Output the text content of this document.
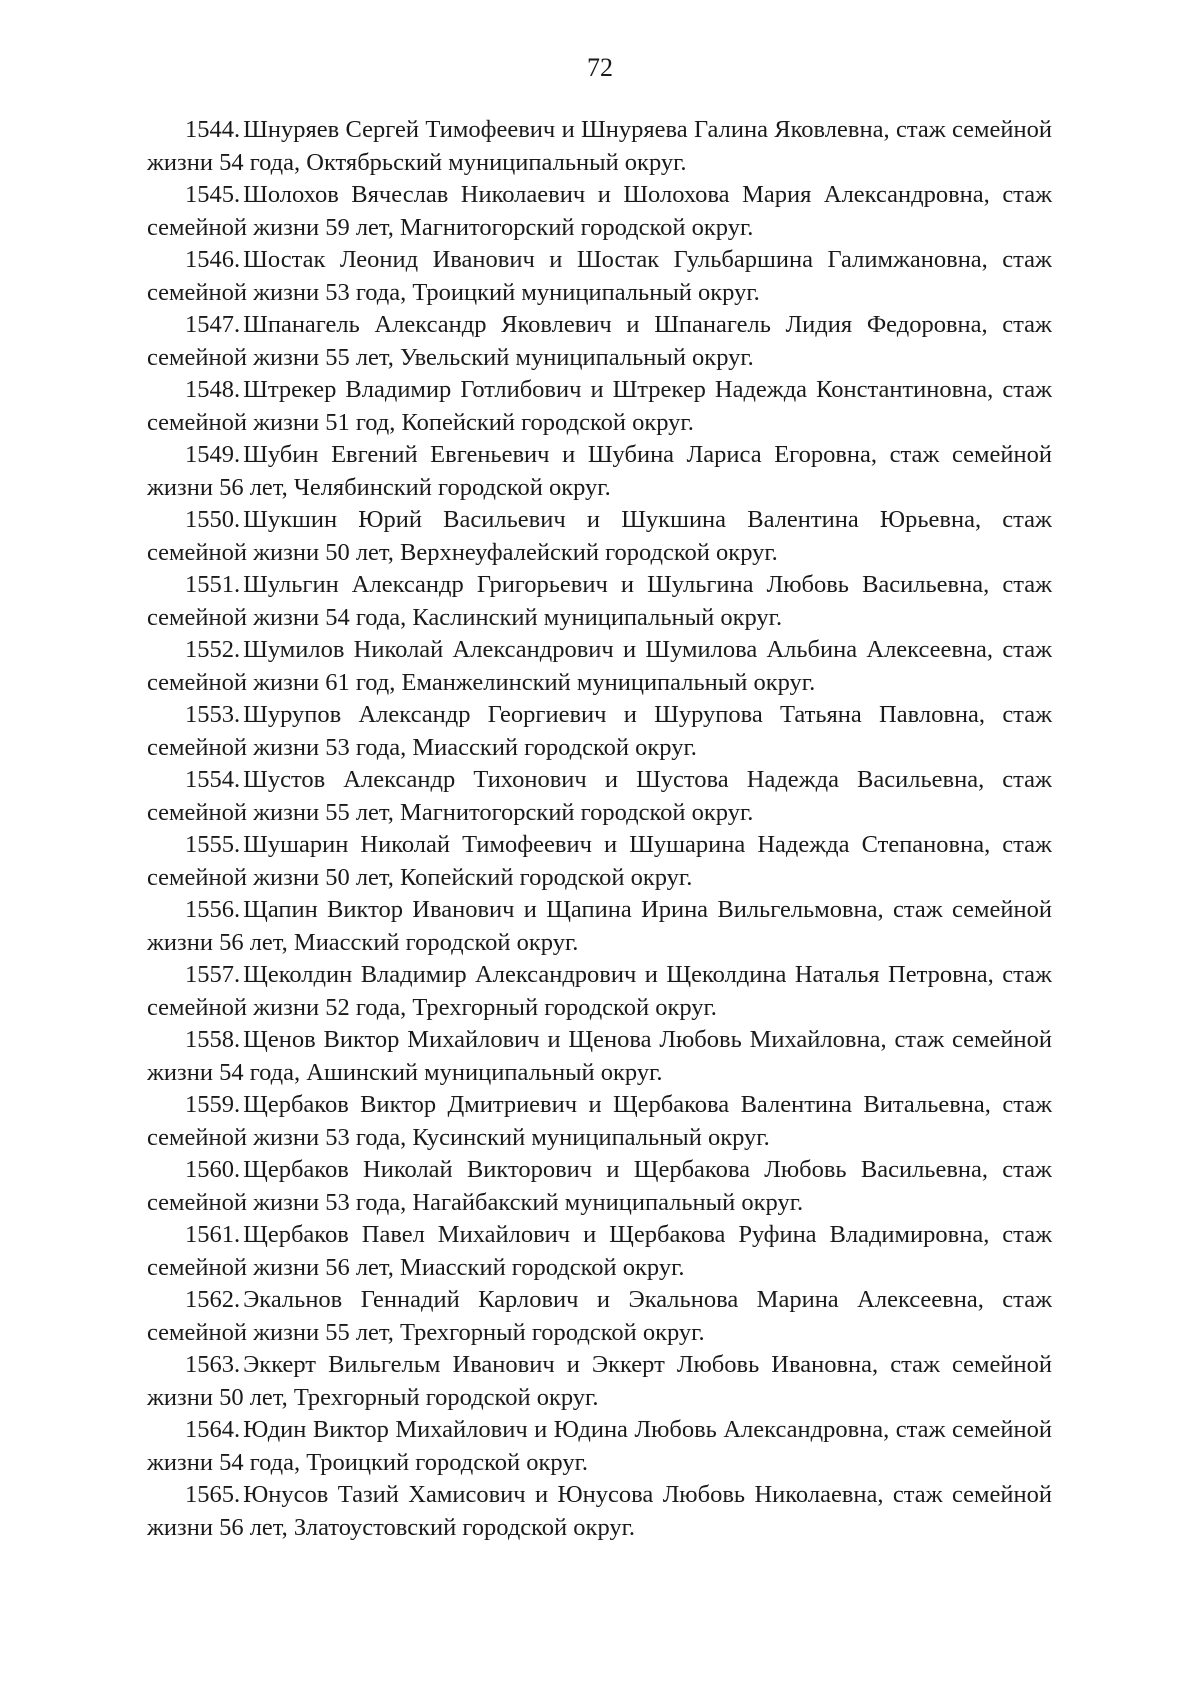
72

1544. Шнуряев Сергей Тимофеевич и Шнуряева Галина Яковлевна, стаж семейной жизни 54 года, Октябрьский муниципальный округ.

1545. Шолохов Вячеслав Николаевич и Шолохова Мария Александровна, стаж семейной жизни 59 лет, Магнитогорский городской округ.

1546. Шостак Леонид Иванович и Шостак Гульбаршина Галимжановна, стаж семейной жизни 53 года, Троицкий муниципальный округ.

1547. Шпанагель Александр Яковлевич и Шпанагель Лидия Федоровна, стаж семейной жизни 55 лет, Увельский муниципальный округ.

1548. Штрекер Владимир Готлибович и Штрекер Надежда Константиновна, стаж семейной жизни 51 год, Копейский городской округ.

1549. Шубин Евгений Евгеньевич и Шубина Лариса Егоровна, стаж семейной жизни 56 лет, Челябинский городской округ.

1550. Шукшин Юрий Васильевич и Шукшина Валентина Юрьевна, стаж семейной жизни 50 лет, Верхнеуфалейский городской округ.

1551. Шульгин Александр Григорьевич и Шульгина Любовь Васильевна, стаж семейной жизни 54 года, Каслинский муниципальный округ.

1552. Шумилов Николай Александрович и Шумилова Альбина Алексеевна, стаж семейной жизни 61 год, Еманжелинский муниципальный округ.

1553. Шурупов Александр Георгиевич и Шурупова Татьяна Павловна, стаж семейной жизни 53 года, Миасский городской округ.

1554. Шустов Александр Тихонович и Шустова Надежда Васильевна, стаж семейной жизни 55 лет, Магнитогорский городской округ.

1555. Шушарин Николай Тимофеевич и Шушарина Надежда Степановна, стаж семейной жизни 50 лет, Копейский городской округ.

1556. Щапин Виктор Иванович и Щапина Ирина Вильгельмовна, стаж семейной жизни 56 лет, Миасский городской округ.

1557. Щеколдин Владимир Александрович и Щеколдина Наталья Петровна, стаж семейной жизни 52 года, Трехгорный городской округ.

1558. Щенов Виктор Михайлович и Щенова Любовь Михайловна, стаж семейной жизни 54 года, Ашинский муниципальный округ.

1559. Щербаков Виктор Дмитриевич и Щербакова Валентина Витальевна, стаж семейной жизни 53 года, Кусинский муниципальный округ.

1560. Щербаков Николай Викторович и Щербакова Любовь Васильевна, стаж семейной жизни 53 года, Нагайбакский муниципальный округ.

1561. Щербаков Павел Михайлович и Щербакова Руфина Владимировна, стаж семейной жизни 56 лет, Миасский городской округ.

1562. Экальнов Геннадий Карлович и Экальнова Марина Алексеевна, стаж семейной жизни 55 лет, Трехгорный городской округ.

1563. Эккерт Вильгельм Иванович и Эккерт Любовь Ивановна, стаж семейной жизни 50 лет, Трехгорный городской округ.

1564. Юдин Виктор Михайлович и Юдина Любовь Александровна, стаж семейной жизни 54 года, Троицкий городской округ.

1565. Юнусов Тазий Хамисович и Юнусова Любовь Николаевна, стаж семейной жизни 56 лет, Златоустовский городской округ.
